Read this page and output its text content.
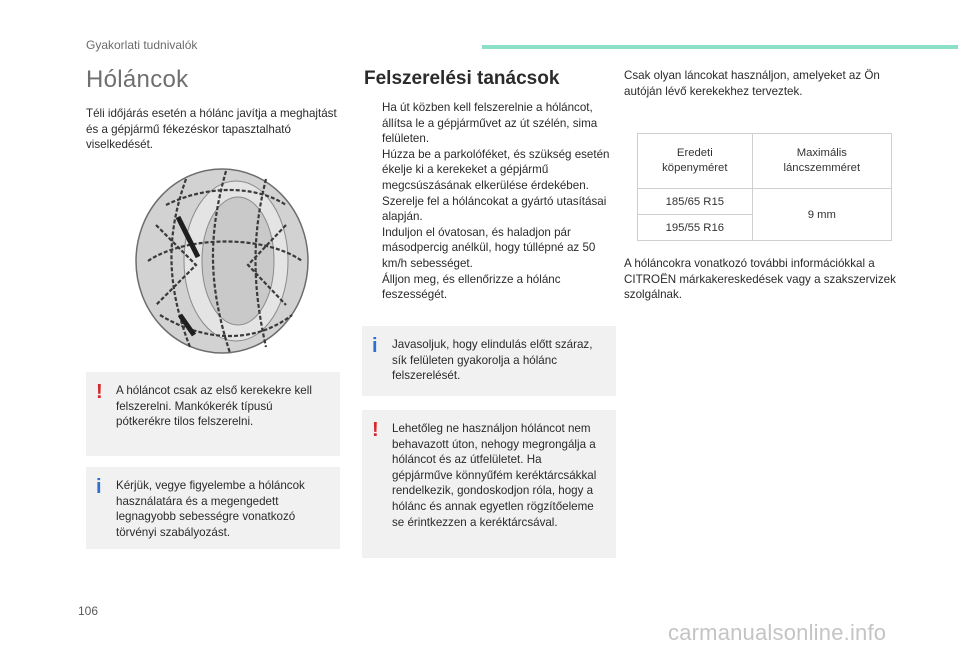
Gyakorlati tudnivalók
Hóláncok

Téli időjárás esetén a hólánc javítja a meghajtást és a gépjármű fékezéskor tapasztalható viselkedését.

! A hóláncot csak az első kerekekre kell felszerelni. Mankókerék típusú pótkerékre tilos felszerelni.
i Kérjük, vegye figyelembe a hóláncok használatára és a megengedett legnagyobb sebességre vonatkozó törvényi szabályozást.
Felszerelési tanácsok
Ha út közben kell felszerelnie a hóláncot, állítsa le a gépjárművet az út szélén, sima felületen.
Húzza be a parkolóféket, és szükség esetén ékelje ki a kerekeket a gépjármű megcsúszásának elkerülése érdekében.
Szerelje fel a hóláncokat a gyártó utasításai alapján.
Induljon el óvatosan, és haladjon pár másodpercig anélkül, hogy túllépné az 50 km/h sebességet.
Álljon meg, és ellenőrizze a hólánc feszességét.
i Javasoljuk, hogy elindulás előtt száraz, sík felületen gyakorolja a hólánc felszerelését.
! Lehetőleg ne használjon hóláncot nem behavazott úton, nehogy megrongálja a hóláncot és az útfelületet. Ha gépjárműve könnyűfém keréktárcsákkal rendelkezik, gondoskodjon róla, hogy a hólánc és annak egyetlen rögzítőeleme se érintkezzen a keréktárcsával.

Csak olyan láncokat használjon, amelyeket az Ön autóján lévő kerekekhez terveztek.

Eredeti köpenyméret	Maximális láncszemméret
185/65 R15	9 mm
195/55 R16	

A hóláncokra vonatkozó további információkkal a CITROËN márkakereskedések vagy a szakszervizek szolgálnak.

106
carmanualsonline.info
